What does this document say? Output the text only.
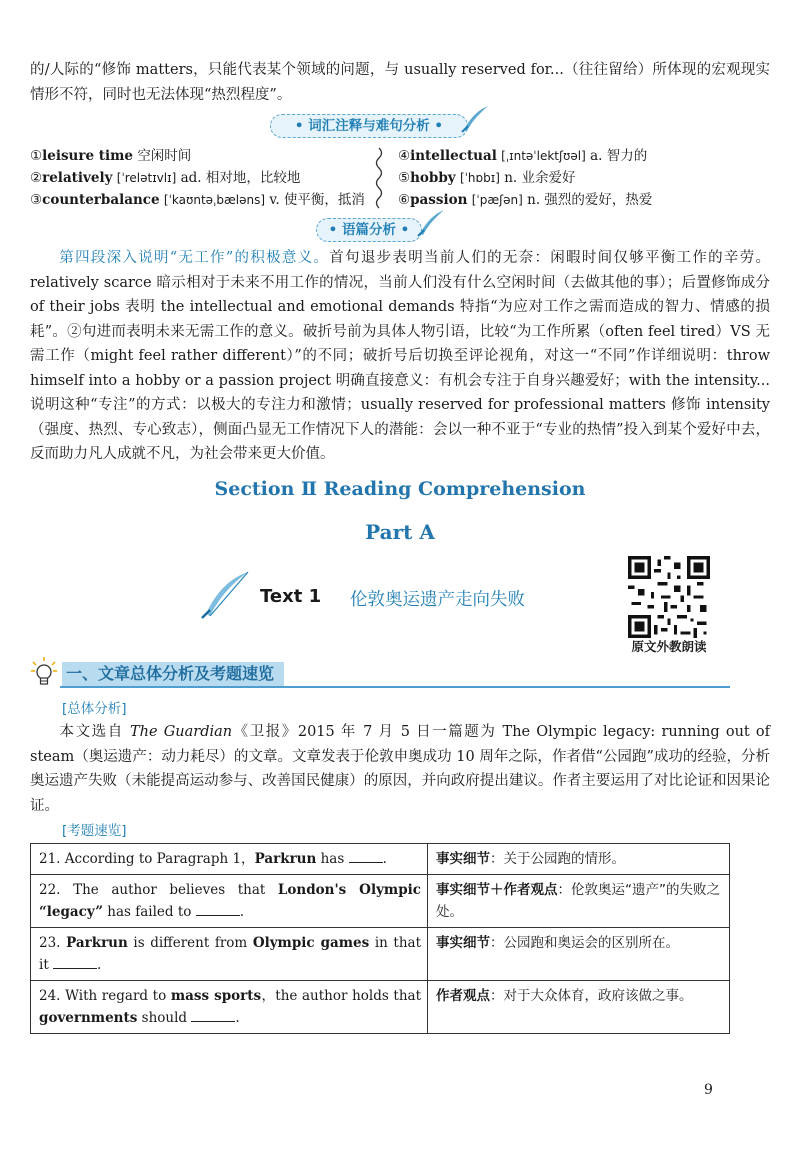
的/人际的“修饰 matters，只能代表某个领域的问题，与 usually reserved for...（往往留给）所体现的宏观现实情形不符，同时也无法体现“热烈程度”。
• 词汇注释与难句分析 •
①leisure time 空闲时间
②relatively [ˈrelətɪvlɪ] ad. 相对地，比较地
③counterbalance [ˈkaʊntəˌbæləns] v. 使平衡，抵消
④intellectual [ˌɪntəˈlektʃʊəl] a. 智力的
⑤hobby [ˈhɒbɪ] n. 业余爱好
⑥passion [ˈpæʃən] n. 强烈的爱好，热爱
• 语篇分析 •
第四段深入说明“无工作”的积极意义。首句退步表明当前人们的无奈：闲暇时间仅够平衡工作的辛劳。relatively scarce 暗示相对于未来不用工作的情况，当前人们没有什么空闲时间（去做其他的事）；后置修饰成分 of their jobs 表明 the intellectual and emotional demands 特指“为应对工作之需而造成的智力、情感的损耗”。②句进而表明未来无需工作的意义。破折号前为具体人物引语，比较“为工作所累（often feel tired）VS 无需工作（might feel rather different）”的不同；破折号后切换至评论视角，对这一“不同”作详细说明：throw himself into a hobby or a passion project 明确直接意义：有机会专注于自身兴趣爱好；with the intensity... 说明这种“专注”的方式：以极大的专注力和激情；usually reserved for professional matters 修饰 intensity（强度、热烈、专心致志），侧面凸显无工作情况下人的潜能：会以一种不亚于“专业的热情”投入到某个爱好中去，反而助力凡人成就不凡，为社会带来更大价值。
Section Ⅱ Reading Comprehension
Part A
Text 1 伦敦奥运遗产走向失败
原文外教朗读
一、文章总体分析及考题速览
[总体分析]
本文选自 The Guardian《卫报》2015 年 7 月 5 日一篇题为 The Olympic legacy: running out of steam（奥运遗产：动力耗尽）的文章。文章发表于伦敦申奥成功 10 周年之际，作者借“公园跑”成功的经验，分析奥运遗产失败（未能提高运动参与、改善国民健康）的原因，并向政府提出建议。作者主要运用了对比论证和因果论证。
[考题速览]
21. According to Paragraph 1，Parkrun has .	事实细节：关于公园跑的情形。
22. The author believes that London's Olympic “legacy” has failed to .	事实细节＋作者观点：伦敦奥运“遗产”的失败之处。
23. Parkrun is different from Olympic games in that it .	事实细节：公园跑和奥运会的区别所在。
24. With regard to mass sports，the author holds that governments should .	作者观点：对于大众体育，政府该做之事。
9
